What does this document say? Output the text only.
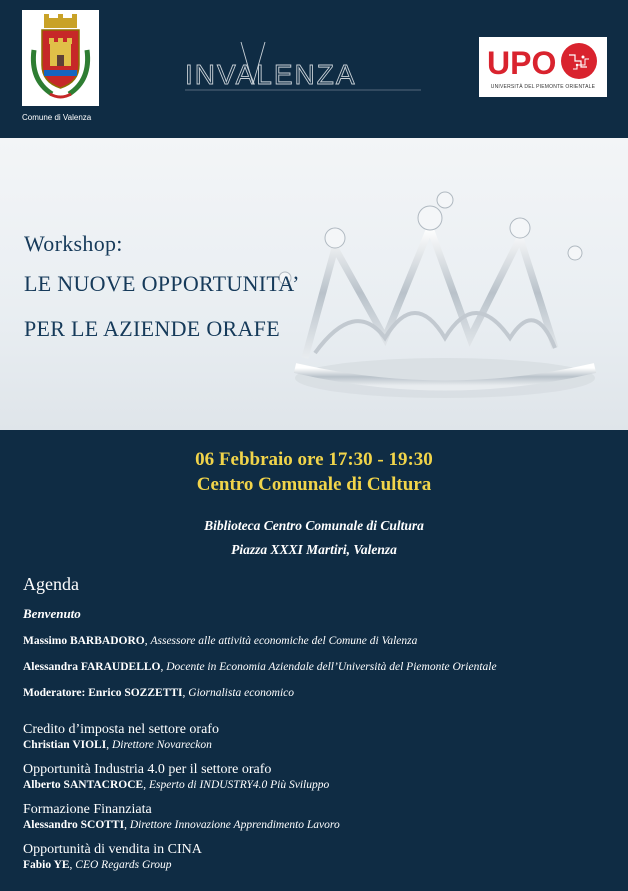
Comune di Valenza
INVALENZA	UPO
UNIVERSITÀ DEL PIEMONTE ORIENTALE
Workshop:
LE NUOVE OPPORTUNITA’
PER LE AZIENDE ORAFE
06 Febbraio ore 17:30 - 19:30
Centro Comunale di Cultura
Biblioteca Centro Comunale di Cultura
Piazza XXXI Martiri, Valenza
Agenda
Benvenuto
Massimo BARBADORO, Assessore alle attività economiche del Comune di Valenza
Alessandra FARAUDELLO, Docente in Economia Aziendale dell’Università del Piemonte Orientale
Moderatore: Enrico SOZZETTI, Giornalista economico
Credito d’imposta nel settore orafo
Christian VIOLI, Direttore Novareckon
Opportunità Industria 4.0 per il settore orafo
Alberto SANTACROCE, Esperto di INDUSTRY4.0 Più Sviluppo
Formazione Finanziata
Alessandro SCOTTI, Direttore Innovazione Apprendimento Lavoro
Opportunità di vendita in CINA
Fabio YE, CEO Regards Group
